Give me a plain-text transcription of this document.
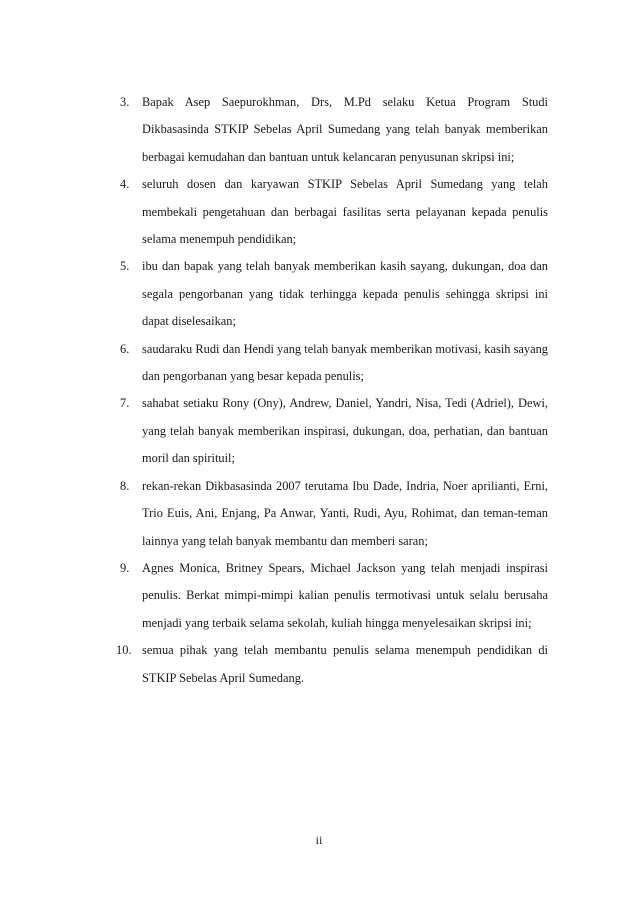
3.	Bapak Asep Saepurokhman, Drs, M.Pd selaku Ketua Program Studi Dikbasasinda STKIP Sebelas April Sumedang yang telah banyak memberikan berbagai kemudahan dan bantuan untuk kelancaran penyusunan skripsi ini;
4.	seluruh dosen dan karyawan STKIP Sebelas April Sumedang yang telah membekali pengetahuan dan berbagai fasilitas serta pelayanan kepada penulis selama menempuh pendidikan;
5.	ibu dan bapak yang telah banyak memberikan kasih sayang, dukungan, doa dan segala pengorbanan yang tidak terhingga kepada penulis sehingga skripsi ini dapat diselesaikan;
6.	saudaraku Rudi dan Hendi yang telah banyak memberikan motivasi, kasih sayang dan pengorbanan yang besar kepada penulis;
7.	sahabat setiaku Rony (Ony), Andrew, Daniel, Yandri, Nisa, Tedi (Adriel), Dewi, yang telah banyak memberikan inspirasi, dukungan, doa, perhatian, dan bantuan moril dan spirituil;
8.	rekan-rekan Dikbasasinda 2007 terutama Ibu Dade, Indria, Noer aprilianti, Erni, Trio Euis, Ani, Enjang, Pa Anwar, Yanti, Rudi, Ayu, Rohimat, dan teman-teman lainnya yang telah banyak membantu dan memberi saran;
9.	Agnes Monica, Britney Spears, Michael Jackson yang telah menjadi inspirasi penulis. Berkat mimpi-mimpi kalian penulis termotivasi untuk selalu berusaha menjadi yang terbaik selama sekolah, kuliah hingga menyelesaikan skripsi ini;
10. semua pihak yang telah membantu penulis selama menempuh pendidikan di STKIP Sebelas April Sumedang.
ii
